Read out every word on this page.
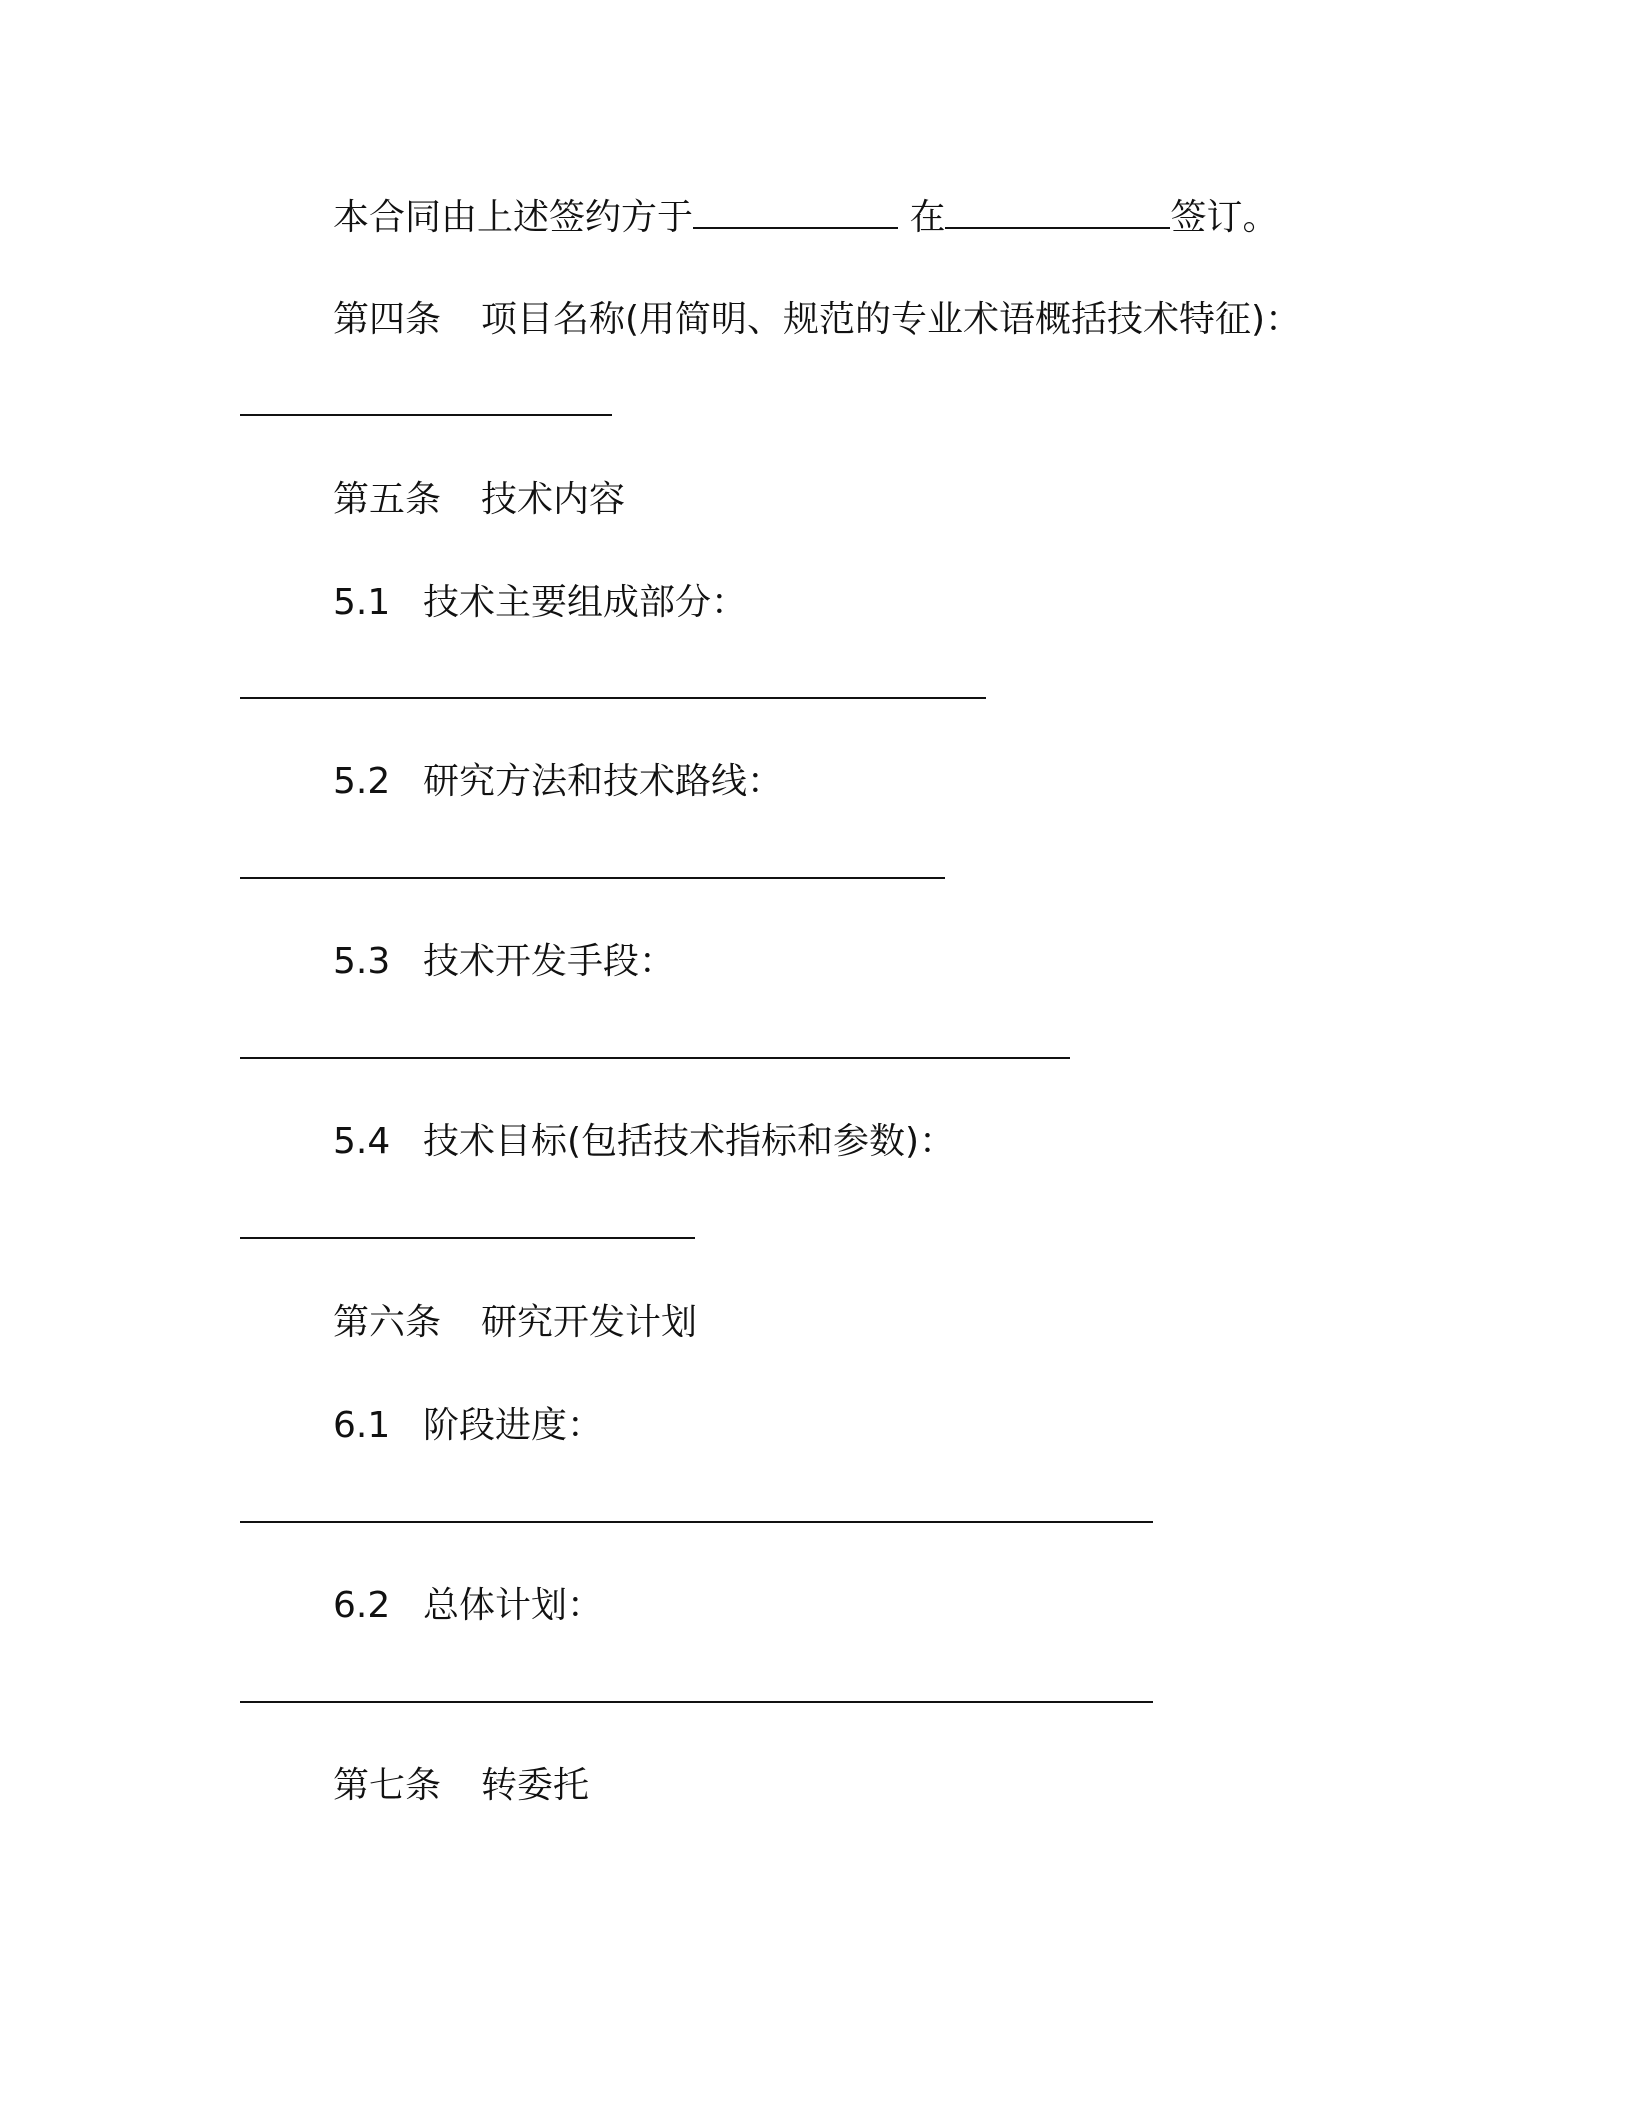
本合同由上述签约方于	在	签订。
第四条 项目名称(用简明、规范的专业术语概括技术特征)：
第五条 技术内容
5.1 技术主要组成部分：
5.2 研究方法和技术路线：
5.3 技术开发手段：
5.4 技术目标(包括技术指标和参数)：
第六条 研究开发计划
6.1 阶段进度：
6.2 总体计划：
第七条 转委托
